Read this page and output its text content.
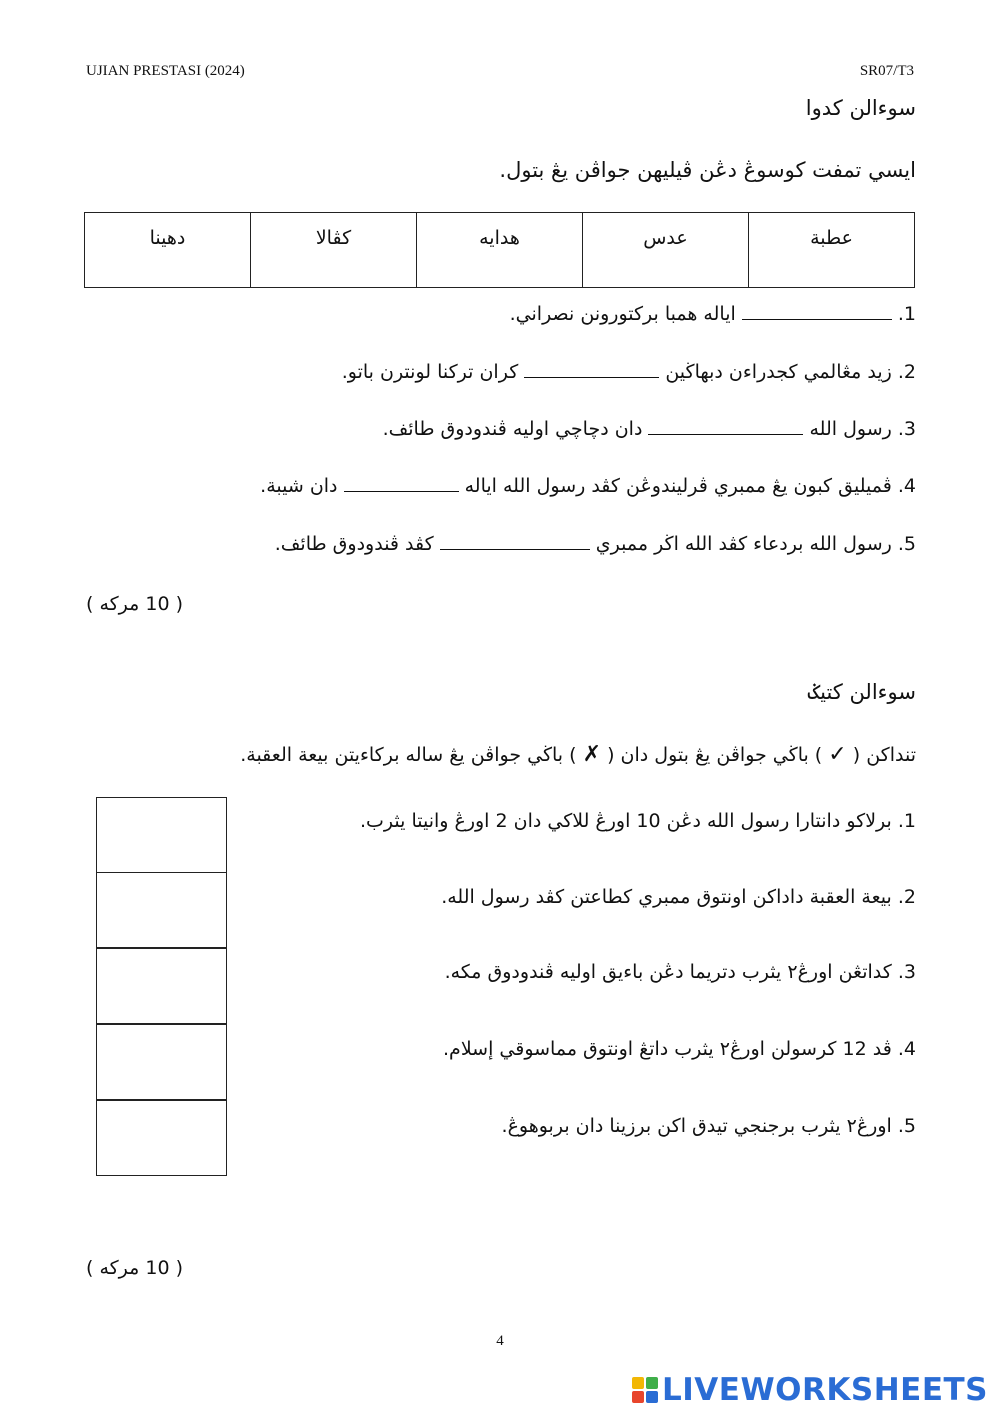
UJIAN PRESTASI (2024)	SR07/T3
سوءالن كدوا
ايسي تمفت كوسوڠ دڠن ڤيليهن جواڤن يڠ بتول.
عطبة	عدس	هدايه	كڤالا	دهينا
1.  اياله همبا بركتورونن نصراني.
2. زيد مڠالمي كجدراءن دبهاڬين  كران تركنا لونترن باتو.
3. رسول الله  دان دچاچي اوليه ڤندودوق طائف.
4. ڤميليق كبون يڠ ممبري ڤرليندوڠن كڤد رسول الله اياله  دان شيبة.
5. رسول الله بردعاء كڤد الله اڬر ممبري  كڤد ڤندودوق طائف.
( 10 مركه )
سوءالن كتيݢ
تنداكن ( ✓ ) باڬي جواڤن يڠ بتول دان ( ✗ ) باڬي جواڤن يڠ ساله برکاءيتن بيعة العقبة.
1. برلاكو دانتارا رسول الله دڠن 10 اورڠ للاكي دان 2 اورڠ وانيتا يثرب.
2. بيعة العقبة داداكن اونتوق ممبري كطاعتن كڤد رسول الله.
3. كداتڠن اورڠ٢ يثرب دتريما دڠن باءيق اوليه ڤندودوق مكه.
4. ڤد 12 كرسولن اورڠ٢ يثرب داتڠ اونتوق مماسوقي إسلام.
5. اورڠ٢ يثرب برجنجي تيدق اكن برزينا دان بربوهوڠ.
( 10 مركه )
4
LIVEWORKSHEETS
